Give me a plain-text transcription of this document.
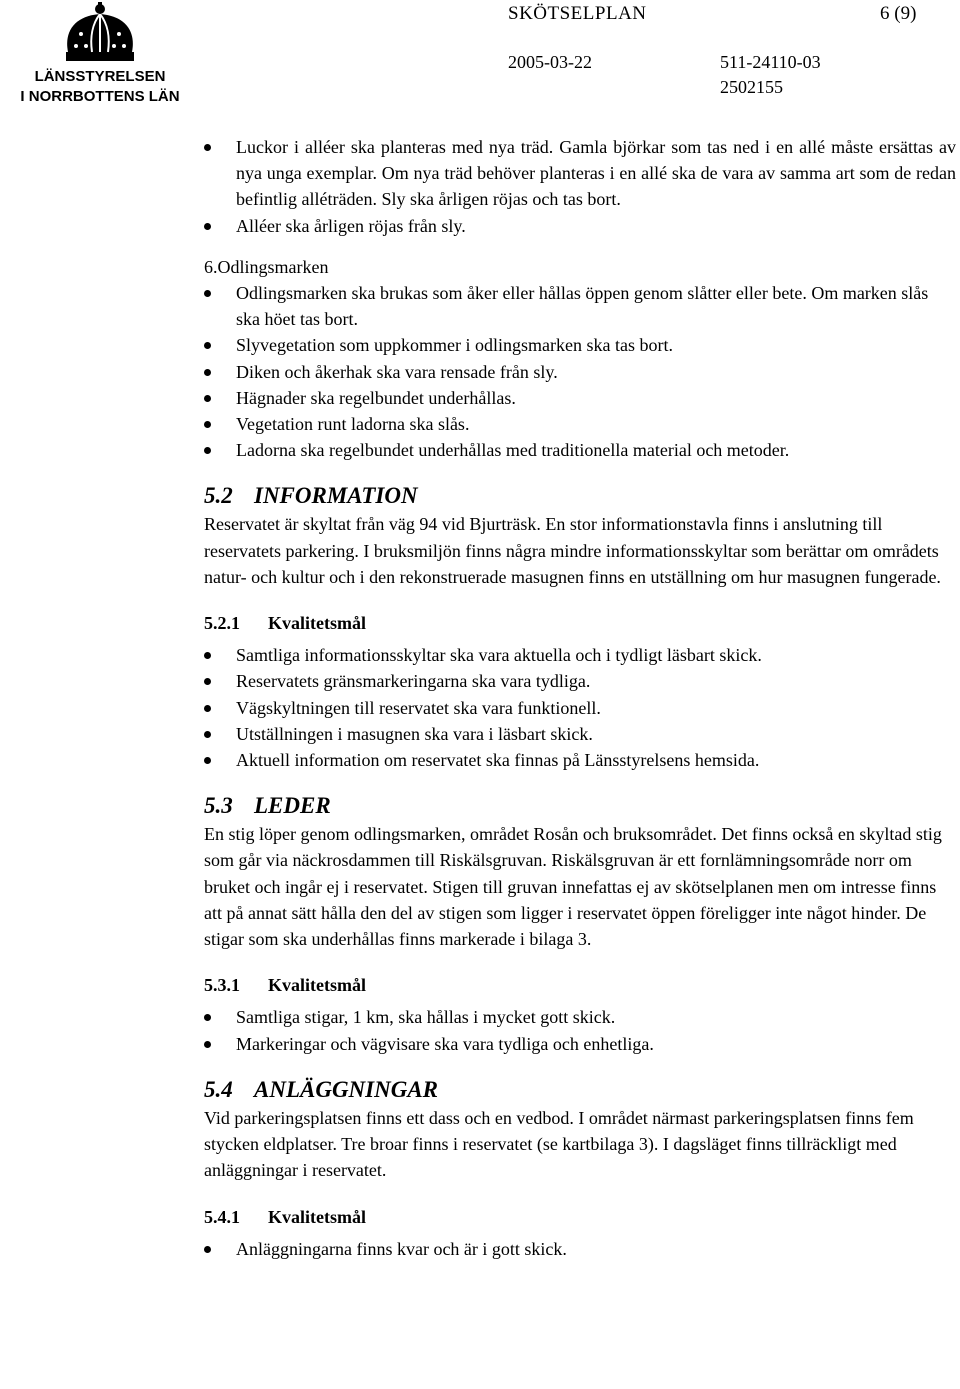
LÄNSSTYRELSEN
I NORRBOTTENS LÄN
SKÖTSELPLAN	6 (9)
2005-03-22	511-24110-03
2502155
Luckor i alléer ska planteras med nya träd. Gamla björkar som tas ned i en allé måste ersättas av nya unga exemplar. Om nya träd behöver planteras i en allé ska de vara av samma art som de redan befintlig alléträden. Sly ska årligen röjas och tas bort.
Alléer ska årligen röjas från sly.
6.Odlingsmarken
Odlingsmarken ska brukas som åker eller hållas öppen genom slåtter eller bete. Om marken slås ska höet tas bort.
Slyvegetation som uppkommer i odlingsmarken ska tas bort.
Diken och åkerhak ska vara rensade från sly.
Hägnader ska regelbundet underhållas.
Vegetation runt ladorna ska slås.
Ladorna ska regelbundet underhållas med traditionella material och metoder.
5.2 INFORMATION

Reservatet är skyltat från väg 94 vid Bjurträsk. En stor informationstavla finns i anslutning till reservatets parkering. I bruksmiljön finns några mindre informationsskyltar som berättar om områdets natur- och kultur och i den rekonstruerade masugnen finns en utställning om hur masugnen fungerade.

5.2.1 Kvalitetsmål
Samtliga informationsskyltar ska vara aktuella och i tydligt läsbart skick.
Reservatets gränsmarkeringarna ska vara tydliga.
Vägskyltningen till reservatet ska vara funktionell.
Utställningen i masugnen ska vara i läsbart skick.
Aktuell information om reservatet ska finnas på Länsstyrelsens hemsida.
5.3 LEDER

En stig löper genom odlingsmarken, området Rosån och bruksområdet. Det finns också en skyltad stig som går via näckrosdammen till Riskälsgruvan. Riskälsgruvan är ett fornlämningsområde norr om bruket och ingår ej i reservatet. Stigen till gruvan innefattas ej av skötselplanen men om intresse finns att på annat sätt hålla den del av stigen som ligger i reservatet öppen föreligger inte något hinder. De stigar som ska underhållas finns markerade i bilaga 3.

5.3.1 Kvalitetsmål
Samtliga stigar, 1 km, ska hållas i mycket gott skick.
Markeringar och vägvisare ska vara tydliga och enhetliga.
5.4 ANLÄGGNINGAR

Vid parkeringsplatsen finns ett dass och en vedbod. I området närmast parkeringsplatsen finns fem stycken eldplatser. Tre broar finns i reservatet (se kartbilaga 3). I dagsläget finns tillräckligt med anläggningar i reservatet.

5.4.1 Kvalitetsmål
Anläggningarna finns kvar och är i gott skick.
